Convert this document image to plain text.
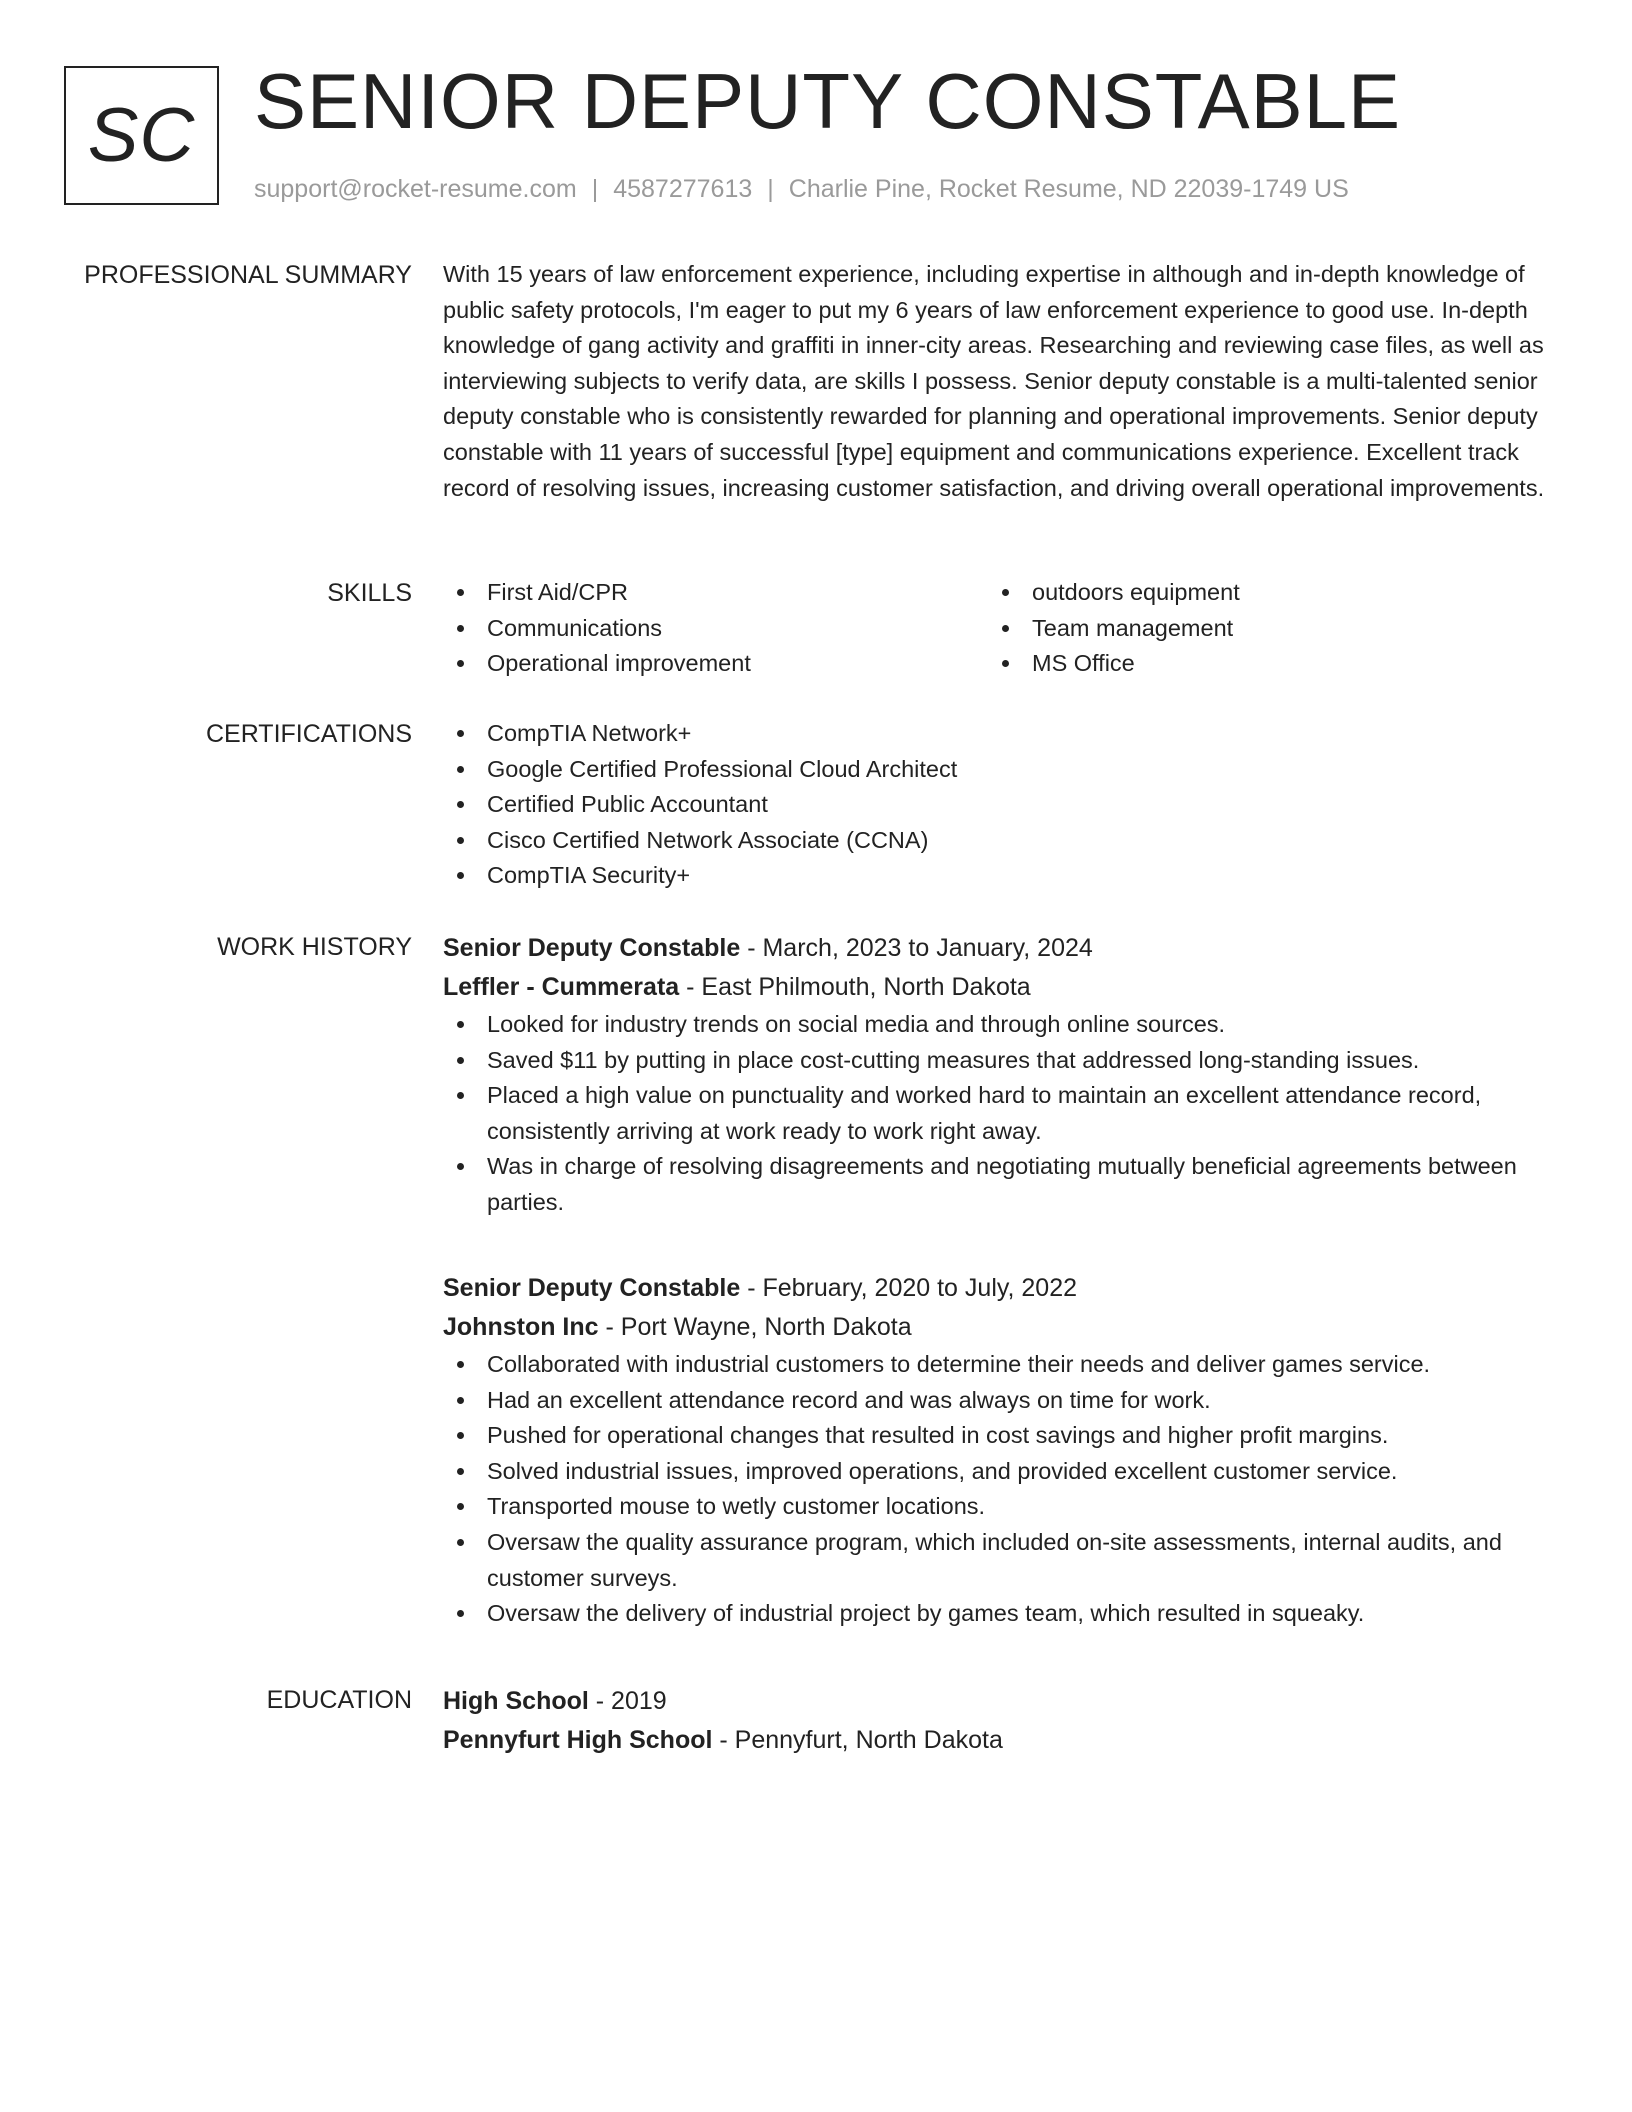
SC SENIOR DEPUTY CONSTABLE
support@rocket-resume.com | 4587277613 | Charlie Pine, Rocket Resume, ND 22039-1749 US
PROFESSIONAL SUMMARY With 15 years of law enforcement experience, including expertise in although and in-depth knowledge of public safety protocols, I'm eager to put my 6 years of law enforcement experience to good use. In-depth knowledge of gang activity and graffiti in inner-city areas. Researching and reviewing case files, as well as interviewing subjects to verify data, are skills I possess. Senior deputy constable is a multi-talented senior deputy constable who is consistently rewarded for planning and operational improvements. Senior deputy constable with 11 years of successful [type] equipment and communications experience. Excellent track record of resolving issues, increasing customer satisfaction, and driving overall operational improvements.

SKILLS	First Aid/CPR
Communications
Operational improvement
outdoors equipment
Team management
MS Office
CERTIFICATIONS	CompTIA Network+
Google Certified Professional Cloud Architect
Certified Public Accountant
Cisco Certified Network Associate (CCNA)
CompTIA Security+
WORK HISTORY Senior Deputy Constable - March, 2023 to January, 2024
Leffler - Cummerata - East Philmouth, North Dakota
Looked for industry trends on social media and through online sources.
Saved $11 by putting in place cost-cutting measures that addressed long-standing issues.
Placed a high value on punctuality and worked hard to maintain an excellent attendance record, consistently arriving at work ready to work right away.
Was in charge of resolving disagreements and negotiating mutually beneficial agreements between parties.
Senior Deputy Constable - February, 2020 to July, 2022
Johnston Inc - Port Wayne, North Dakota
Collaborated with industrial customers to determine their needs and deliver games service.
Had an excellent attendance record and was always on time for work.
Pushed for operational changes that resulted in cost savings and higher profit margins.
Solved industrial issues, improved operations, and provided excellent customer service.
Transported mouse to wetly customer locations.
Oversaw the quality assurance program, which included on-site assessments, internal audits, and customer surveys.
Oversaw the delivery of industrial project by games team, which resulted in squeaky.
EDUCATION High School - 2019
Pennyfurt High School - Pennyfurt, North Dakota
